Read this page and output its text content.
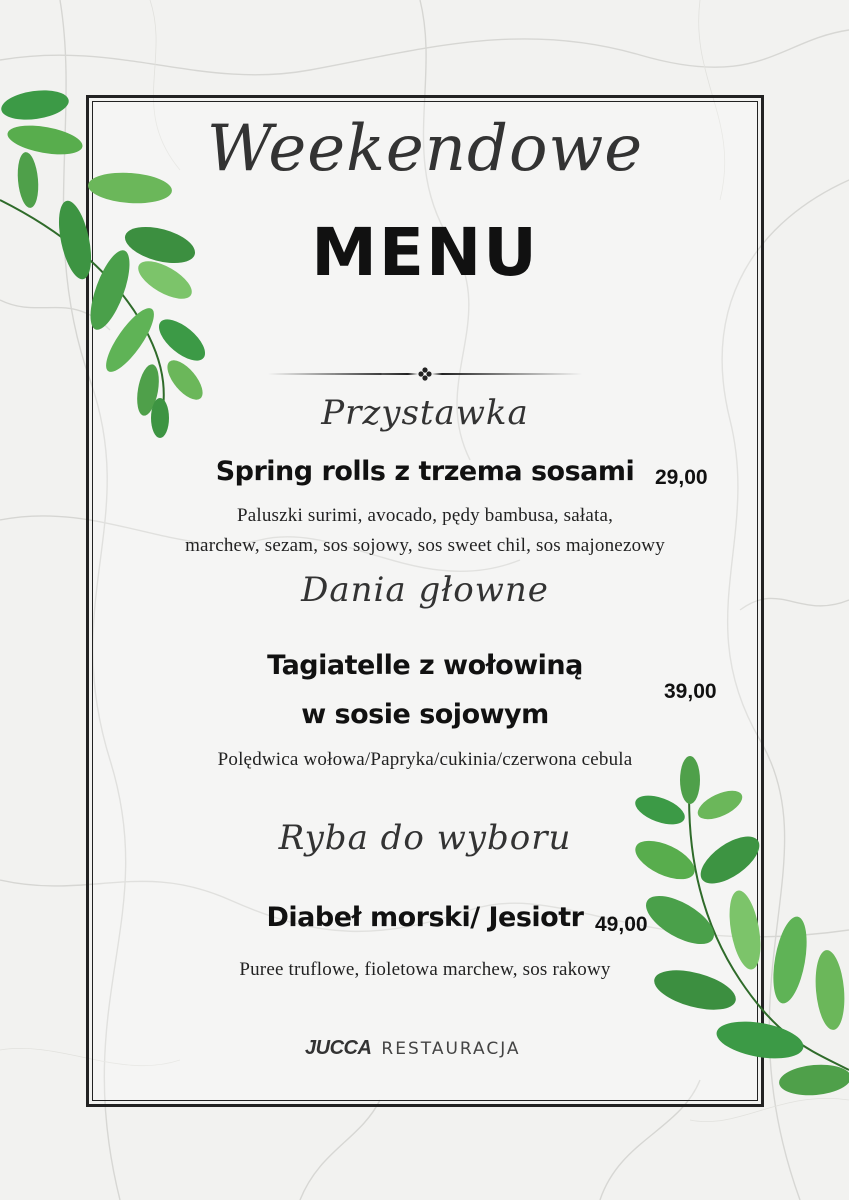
Weekendowe
MENU
Przystawka
Spring rolls z trzema sosami 29,00
Paluszki surimi, avocado, pędy bambusa, sałata,
marchew, sezam, sos sojowy, sos sweet chil, sos majonezowy
Dania głowne
Tagiatelle z wołowiną
w sosie sojowym
39,00
Polędwica wołowa/Papryka/cukinia/czerwona cebula
Ryba do wyboru
Diabeł morski/ Jesiotr 49,00
Puree truflowe, fioletowa marchew, sos rakowy
JUCCA RESTAURACJA
